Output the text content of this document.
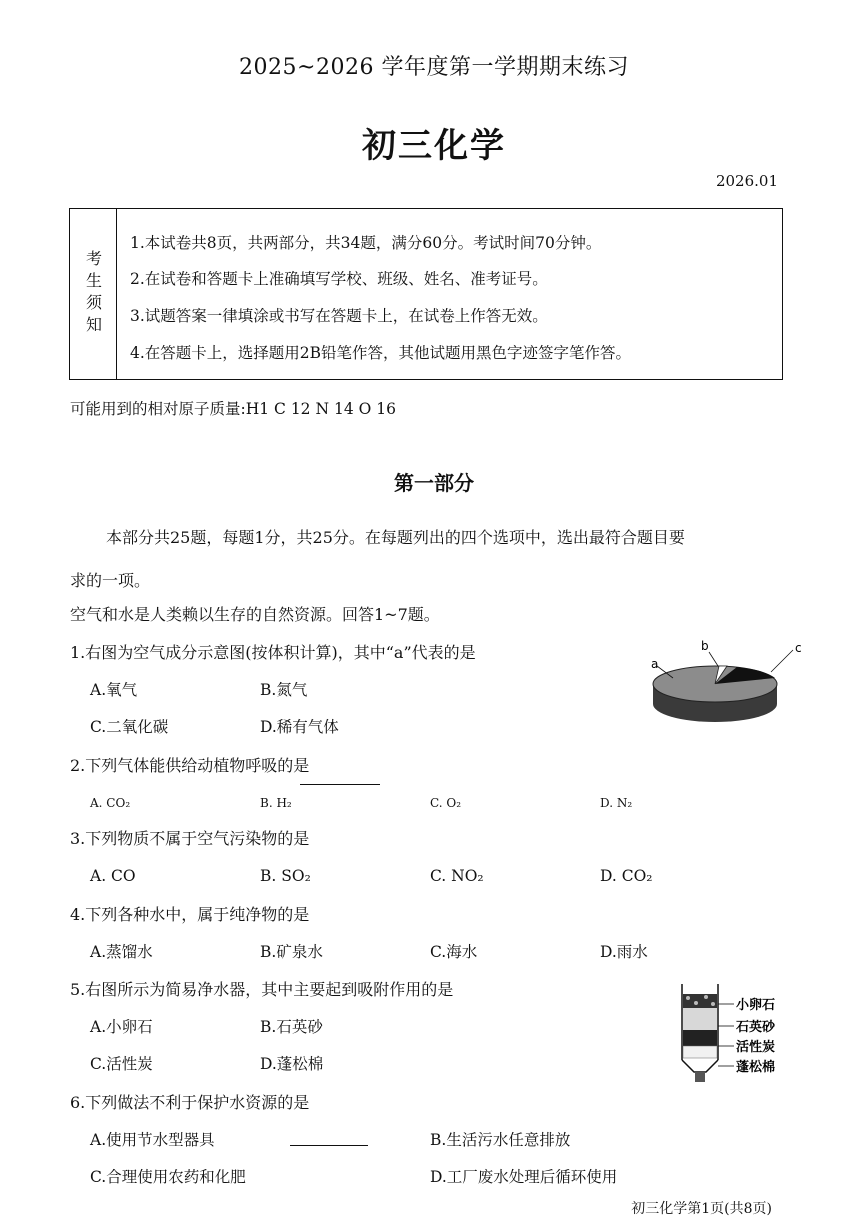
2025~2026 学年度第一学期期末练习
初三化学
2026.01
考生须知
1.本试卷共8页，共两部分，共34题，满分60分。考试时间70分钟。
2.在试卷和答题卡上准确填写学校、班级、姓名、准考证号。
3.试题答案一律填涂或书写在答题卡上，在试卷上作答无效。
4.在答题卡上，选择题用2B铅笔作答，其他试题用黑色字迹签字笔作答。
可能用到的相对原子质量:H1 C 12 N 14 O 16
第一部分
本部分共25题，每题1分，共25分。在每题列出的四个选项中，选出最符合题目要
求的一项。
空气和水是人类赖以生存的自然资源。回答1~7题。
1.右图为空气成分示意图(按体积计算)，其中“a”代表的是
A.氧气	B.氮气
C.二氧化碳	D.稀有气体
a
b	c
2.下列气体能供给动植物呼吸的是
A. CO₂	B. H₂	C. O₂	D. N₂
3.下列物质不属于空气污染物的是
A. CO	B. SO₂	C. NO₂	D. CO₂
4.下列各种水中，属于纯净物的是
A.蒸馏水	B.矿泉水	C.海水	D.雨水
5.右图所示为简易净水器，其中主要起到吸附作用的是
A.小卵石	B.石英砂
C.活性炭	D.蓬松棉
小卵石
石英砂
活性炭
蓬松棉
6.下列做法不利于保护水资源的是
A.使用节水型器具	B.生活污水任意排放
C.合理使用农药和化肥	D.工厂废水处理后循环使用
初三化学第1页(共8页)
